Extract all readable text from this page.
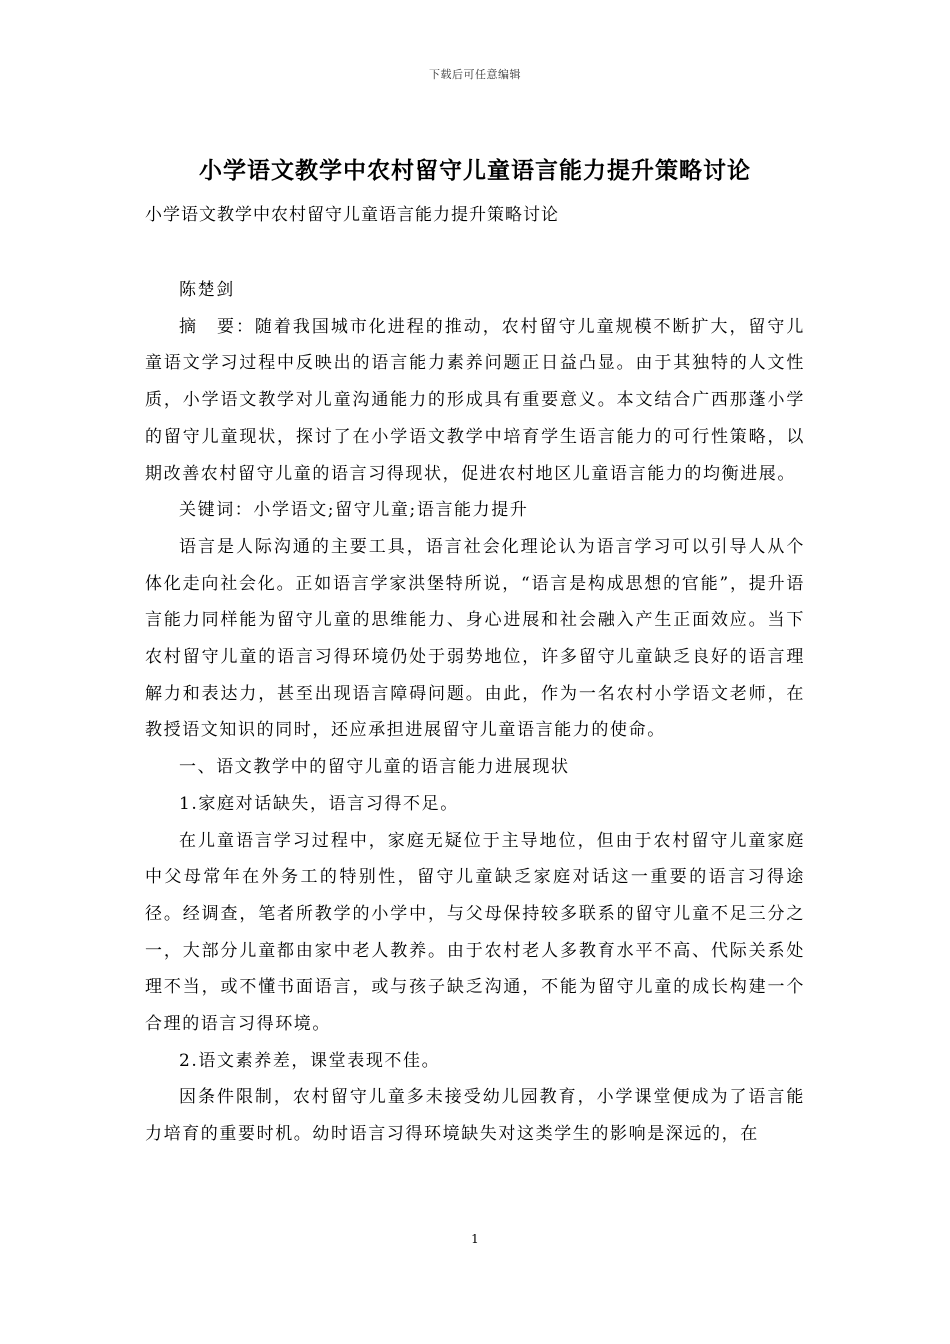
下载后可任意编辑
小学语文教学中农村留守儿童语言能力提升策略讨论
小学语文教学中农村留守儿童语言能力提升策略讨论

陈楚剑

摘　要：随着我国城市化进程的推动，农村留守儿童规模不断扩大，留守儿童语文学习过程中反映出的语言能力素养问题正日益凸显。由于其独特的人文性质，小学语文教学对儿童沟通能力的形成具有重要意义。本文结合广西那蓬小学的留守儿童现状，探讨了在小学语文教学中培育学生语言能力的可行性策略，以期改善农村留守儿童的语言习得现状，促进农村地区儿童语言能力的均衡进展。

关键词：小学语文;留守儿童;语言能力提升

语言是人际沟通的主要工具，语言社会化理论认为语言学习可以引导人从个体化走向社会化。正如语言学家洪堡特所说，“语言是构成思想的官能”，提升语言能力同样能为留守儿童的思维能力、身心进展和社会融入产生正面效应。当下农村留守儿童的语言习得环境仍处于弱势地位，许多留守儿童缺乏良好的语言理解力和表达力，甚至出现语言障碍问题。由此，作为一名农村小学语文老师，在教授语文知识的同时，还应承担进展留守儿童语言能力的使命。

一、语文教学中的留守儿童的语言能力进展现状

1.家庭对话缺失，语言习得不足。

在儿童语言学习过程中，家庭无疑位于主导地位，但由于农村留守儿童家庭中父母常年在外务工的特别性，留守儿童缺乏家庭对话这一重要的语言习得途径。经调查，笔者所教学的小学中，与父母保持较多联系的留守儿童不足三分之一，大部分儿童都由家中老人教养。由于农村老人多教育水平不高、代际关系处理不当，或不懂书面语言，或与孩子缺乏沟通，不能为留守儿童的成长构建一个合理的语言习得环境。

2.语文素养差，课堂表现不佳。

因条件限制，农村留守儿童多未接受幼儿园教育，小学课堂便成为了语言能力培育的重要时机。幼时语言习得环境缺失对这类学生的影响是深远的，在

1
